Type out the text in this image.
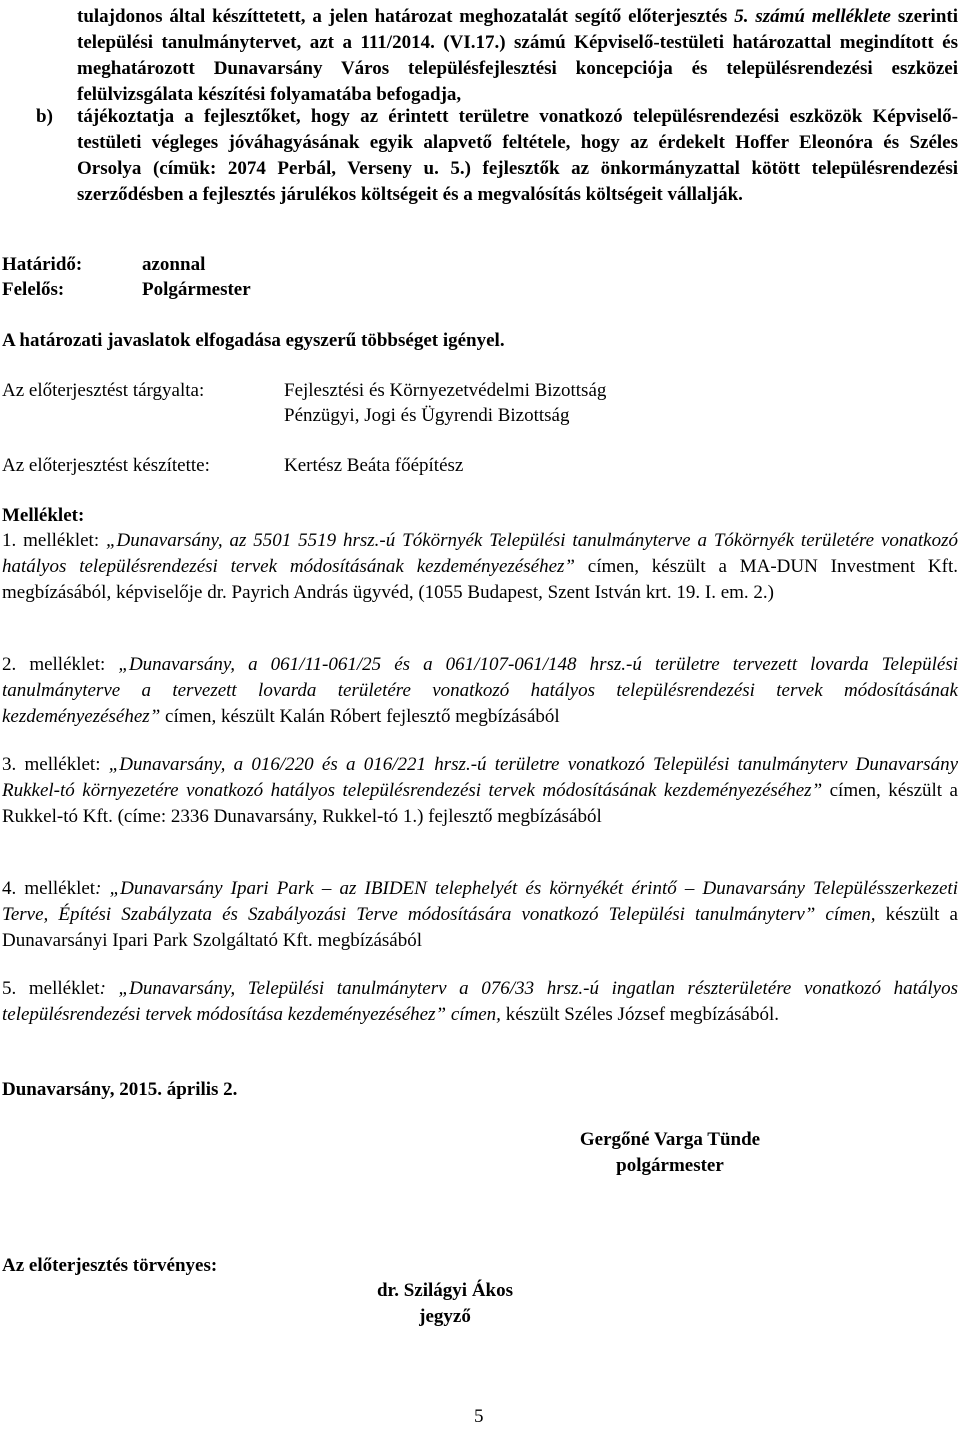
tulajdonos által készíttetett, a jelen határozat meghozatalát segítő előterjesztés 5. számú melléklete szerinti települési tanulmánytervet, azt a 111/2014. (VI.17.) számú Képviselő-testületi határozattal megindított és meghatározott Dunavarsány Város településfejlesztési koncepciója és településrendezési eszközei felülvizsgálata készítési folyamatába befogadja,

b) tájékoztatja a fejlesztőket, hogy az érintett területre vonatkozó településrendezési eszközök Képviselő-testületi végleges jóváhagyásának egyik alapvető feltétele, hogy az érdekelt Hoffer Eleonóra és Széles Orsolya (címük: 2074 Perbál, Verseny u. 5.) fejlesztők az önkormányzattal kötött településrendezési szerződésben a fejlesztés járulékos költségeit és a megvalósítás költségeit vállalják.

Határidő:	azonnal
Felelős:	Polgármester
A határozati javaslatok elfogadása egyszerű többséget igényel.
Az előterjesztést tárgyalta:	Fejlesztési és Környezetvédelmi Bizottság
Pénzügyi, Jogi és Ügyrendi Bizottság
Az előterjesztést készítette:	Kertész Beáta főépítész
Melléklet:

1. melléklet: „Dunavarsány, az 5501 5519 hrsz.-ú Tókörnyék Települési tanulmányterve a Tókörnyék területére vonatkozó hatályos településrendezési tervek módosításának kezdeményezéséhez” címen, készült a MA-DUN Investment Kft. megbízásából, képviselője dr. Payrich András ügyvéd, (1055 Budapest, Szent István krt. 19. I. em. 2.)

2. melléklet: „Dunavarsány, a 061/11-061/25 és a 061/107-061/148 hrsz.-ú területre tervezett lovarda Települési tanulmányterve a tervezett lovarda területére vonatkozó hatályos településrendezési tervek módosításának kezdeményezéséhez” címen, készült Kalán Róbert fejlesztő megbízásából

3. melléklet: „Dunavarsány, a 016/220 és a 016/221 hrsz.-ú területre vonatkozó Települési tanulmányterv Dunavarsány Rukkel-tó környezetére vonatkozó hatályos településrendezési tervek módosításának kezdeményezéséhez” címen, készült a Rukkel-tó Kft. (címe: 2336 Dunavarsány, Rukkel-tó 1.) fejlesztő megbízásából

4. melléklet: „Dunavarsány Ipari Park – az IBIDEN telephelyét és környékét érintő – Dunavarsány Településszerkezeti Terve, Építési Szabályzata és Szabályozási Terve módosítására vonatkozó Települési tanulmányterv” címen, készült a Dunavarsányi Ipari Park Szolgáltató Kft. megbízásából

5. melléklet: „Dunavarsány, Települési tanulmányterv a 076/33 hrsz.-ú ingatlan részterületére vonatkozó hatályos településrendezési tervek módosítása kezdeményezéséhez” címen, készült Széles József megbízásából.

Dunavarsány, 2015. április 2.
Gergőné Varga Tünde
polgármester
Az előterjesztés törvényes:
dr. Szilágyi Ákos
jegyző
5
